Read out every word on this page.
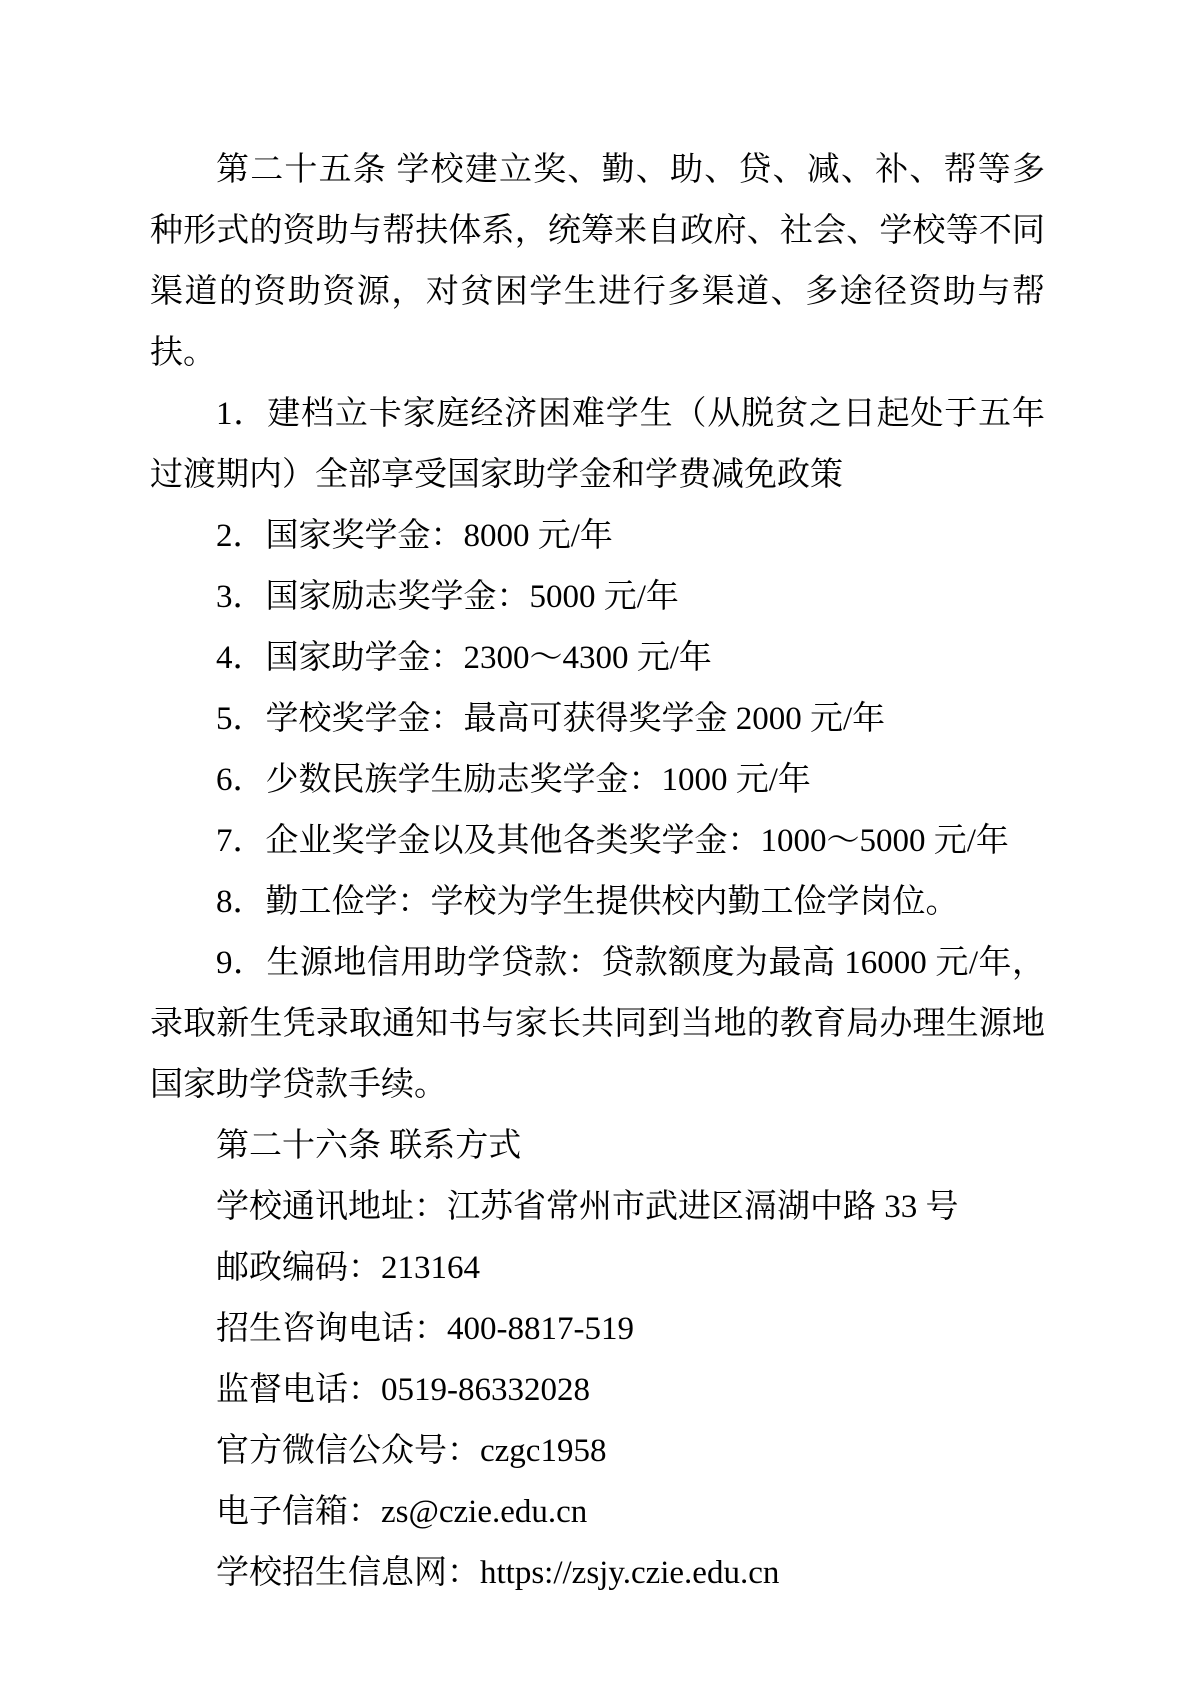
第二十五条 学校建立奖、勤、助、贷、减、补、帮等多种形式的资助与帮扶体系，统筹来自政府、社会、学校等不同渠道的资助资源，对贫困学生进行多渠道、多途径资助与帮扶。

1．建档立卡家庭经济困难学生（从脱贫之日起处于五年过渡期内）全部享受国家助学金和学费减免政策

2．国家奖学金：8000 元/年

3．国家励志奖学金：5000 元/年

4．国家助学金：2300～4300 元/年

5．学校奖学金：最高可获得奖学金 2000 元/年

6．少数民族学生励志奖学金：1000 元/年

7．企业奖学金以及其他各类奖学金：1000～5000 元/年

8．勤工俭学：学校为学生提供校内勤工俭学岗位。

9．生源地信用助学贷款：贷款额度为最高 16000 元/年，录取新生凭录取通知书与家长共同到当地的教育局办理生源地国家助学贷款手续。

第二十六条 联系方式

学校通讯地址：江苏省常州市武进区滆湖中路 33 号

邮政编码：213164

招生咨询电话：400-8817-519

监督电话：0519-86332028

官方微信公众号：czgc1958

电子信箱：zs@czie.edu.cn

学校招生信息网：https://zsjy.czie.edu.cn
